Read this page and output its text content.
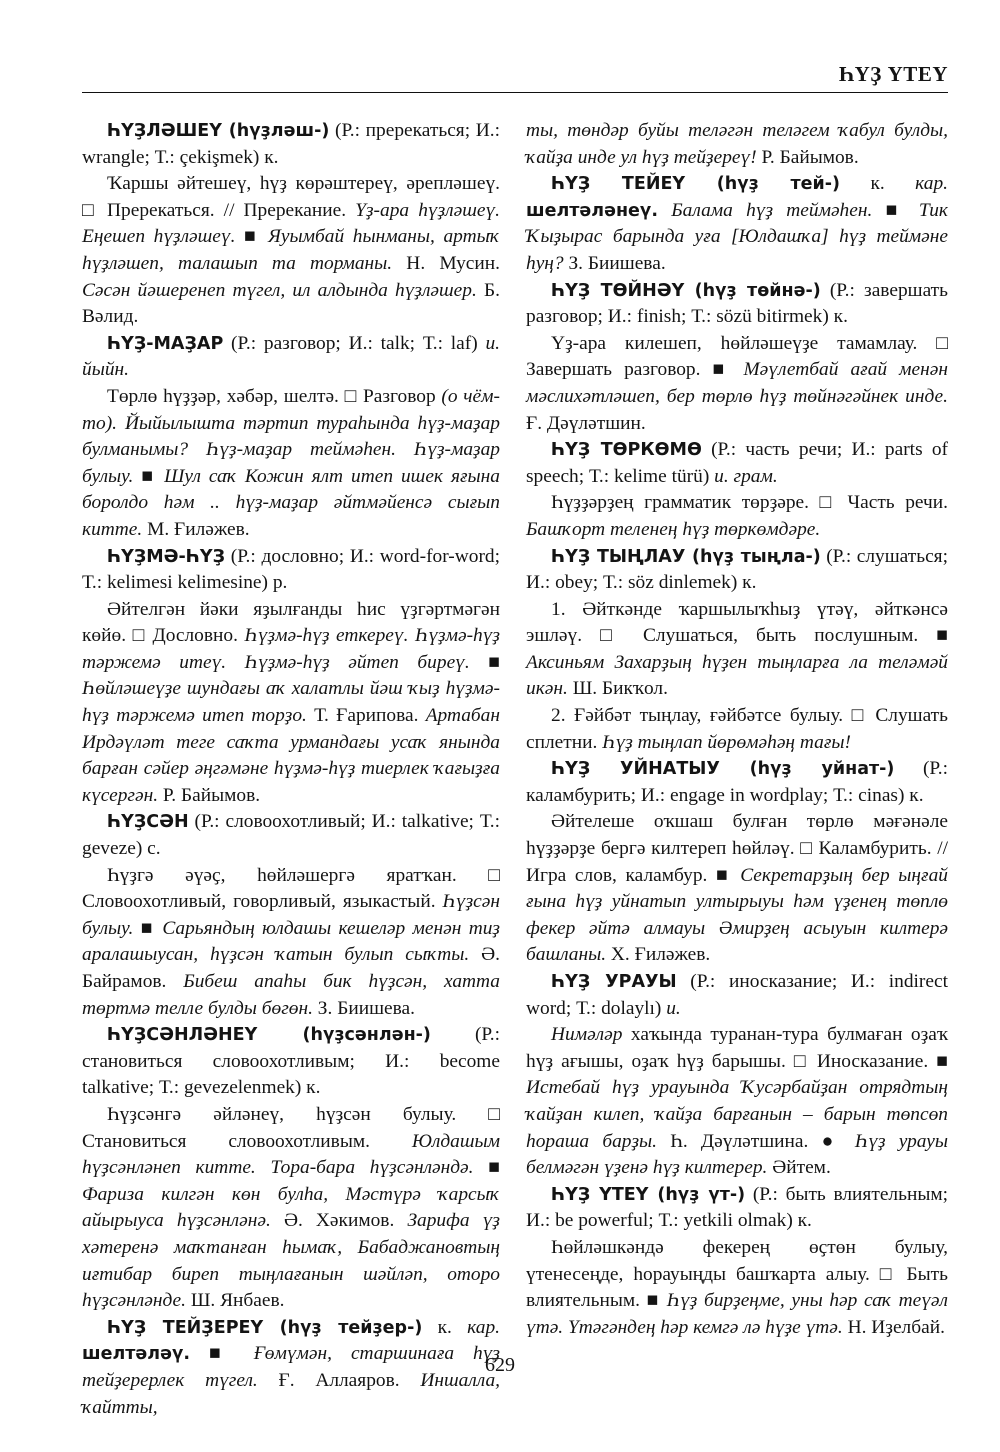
ҺҮҘ ҮТЕҮ

ҺҮҘЛӘШЕҮ (һүҙләш-) (Р.: пререкаться; И.: wrangle; Т.: çekişmek) к.

Ҡаршы әйтешеү, һүҙ көрәштереү, әрепләшеү. □ Пререкаться. // Пререкание. Үҙ-ара һүҙләшеү. Еңешеп һүҙләшеү. ■ Яуымбай һынманы, артыҡ һүҙләшеп, талашып та торманы. Н. Мусин. Сәсән йәшеренеп түгел, ил алдында һүҙләшер. Б. Вәлид.

ҺҮҘ-МАҘАР (Р.: разговор; И.: talk; Т.: laf) и. йыйн.

Төрлө һүҙҙәр, хәбәр, шелтә. □ Разговор (о чём-то). Йыйылышта тәртип тураһында һүҙ-маҙар булманымы? Һүҙ-маҙар теймәһен. Һүҙ-маҙар булыу. ■ Шул саҡ Кожин ялт итеп ишек яғына боролдо һәм .. һүҙ-маҙар әйтмәйенсә сығып китте. М. Ғиләжев.

ҺҮҘМӘ-ҺҮҘ (Р.: дословно; И.: word-for-word; Т.: kelimesi kelimesine) р.

Әйтелгән йәки яҙылғанды һис үҙгәртмәгән көйө. □ Дословно. Һүҙмә-һүҙ еткереү. Һүҙмә-һүҙ тәржемә итеү. Һүҙмә-һүҙ әйтеп биреү. ■ Һөйләшеүҙе шундағы аҡ халатлы йәш ҡыҙ һүҙмә-һүҙ тәржемә итеп торҙо. Т. Ғарипова. Артабан Ирдәүләт теге саҡта урмандағы усаҡ янында барған сәйер әңгәмәне һүҙмә-һүҙ тиерлек ҡағыҙға күсергән. Р. Байымов.

ҺҮҘСӘН (Р.: словоохотливый; И.: talkative; Т.: geveze) с.

Һүҙгә әүәҫ, һөйләшергә яратҡан. □ Словоохотливый, говорливый, языкастый. Һүҙсән булыу. ■ Сарьяндың юлдашы кешеләр менән тиҙ аралашыусан, һүҙсән ҡатын булып сыҡты. Ә. Байрамов. Бибеш апаһы бик һүҙсән, хатта төртмә телле булды бөгөн. З. Биишева.

ҺҮҘСӘНЛӘНЕҮ (һүҙсәнлән-) (Р.: становиться словоохотливым; И.: become talkative; Т.: gevezelenmek) к.

Һүҙсәнгә әйләнеү, һүҙсән булыу. □ Становиться словоохотливым. Юлдашым һүҙсәнләнеп китте. Тора-бара һүҙсәнләндә. ■ Фариза килгән көн булһа, Мәстүрә ҡарсыҡ айырыуса һүҙсәнләнә. Ә. Хәкимов. Зарифа үҙ хәтеренә маҡтанған һымаҡ, Бабаджановтың иғтибар биреп тыңлағанын шәйләп, оторо һүҙсәнләнде. Ш. Янбаев.

ҺҮҘ ТЕЙҘЕРЕҮ (һүҙ тейҙер-) к. кар. шелтәләү. ■ Ғөмүмән, старшинаға һүҙ тейҙерерлек түгел. Ғ. Аллаяров. Иншалла, ҡайтты,

ты, төндәр буйы теләгән теләгем ҡабул булды, ҡайҙа инде ул һүҙ тейҙереү! Р. Байымов.

ҺҮҘ ТЕЙЕҮ (һүҙ тей-) к. кар. шелтәләнеү. Балама һүҙ теймәһен. ■ Тик Ҡыҙырас барында уға [Юлдашҡа] һүҙ теймәне һуң? З. Биишева.

ҺҮҘ ТӨЙНӘҮ (һүҙ төйнә-) (Р.: завершать разговор; И.: finish; Т.: sözü bitirmek) к.

Үҙ-ара килешеп, һөйләшеүҙе тамамлау. □ Завершать разговор. ■ Мәүлетбай ағай менән мәслихәтләшеп, бер төрлө һүҙ төйнәгәйнек инде. Ғ. Дәүләтшин.

ҺҮҘ ТӨРКӨМӨ (Р.: часть речи; И.: parts of speech; Т.: kelime türü) и. грам.

Һүҙҙәрҙең грамматик төрҙәре. □ Часть речи. Башҡорт теленең һүҙ төркөмдәре.

ҺҮҘ ТЫҢЛАУ (һүҙ тыңла-) (Р.: слушаться; И.: obey; Т.: söz dinlemek) к.

1. Әйткәнде ҡаршылыҡһыҙ үтәү, әйткәнсә эшләү. □ Слушаться, быть послушным. ■ Аксиньям Захарҙың һүҙен тыңларға ла теләмәй икән. Ш. Бикҡол.

2. Ғәйбәт тыңлау, ғәйбәтсе булыу. □ Слушать сплетни. Һүҙ тыңлап йөрөмәһәң тағы!

ҺҮҘ УЙНАТЫУ (һүҙ уйнат-) (Р.: каламбурить; И.: engage in wordplay; Т.: cinas) к.

Әйтелеше оҡшаш булған төрлө мәғәнәле һүҙҙәрҙе бергә килтереп һөйләү. □ Каламбурить. // Игра слов, каламбур. ■ Секретарҙың бер ыңғай ғына һүҙ уйнатып ултырыуы һәм үҙенең төплө фекер әйтә алмауы Әмирҙең асыуын килтерә башланы. Х. Ғиләжев.

ҺҮҘ УРАУЫ (Р.: иносказание; И.: indirect word; Т.: dolaylı) и.

Нимәләр хаҡында туранан-тура булмаған оҙаҡ һүҙ ағышы, оҙаҡ һүҙ барышы. □ Иносказание. ■ Истебай һүҙ урауында Ҡусәрбайҙан отрядтың ҡайҙан килеп, ҡайҙа барғанын – барын төпсөп һораша барҙы. Һ. Дәүләтшина. ● Һүҙ урауы белмәгән үҙенә һүҙ килтерер. Әйтем.

ҺҮҘ ҮТЕҮ (һүҙ үт-) (Р.: быть влиятельным; И.: be powerful; Т.: yetkili olmak) к.

Һөйләшкәндә фекерең өҫтөн булыу, үтенесеңде, һорауыңды башҡарта алыу. □ Быть влиятельным. ■ Һүҙ бирҙеңме, уны һәр саҡ теүәл үтә. Үтәгәндең һәр кемгә лә һүҙе үтә. Н. Иҙелбай.

629
